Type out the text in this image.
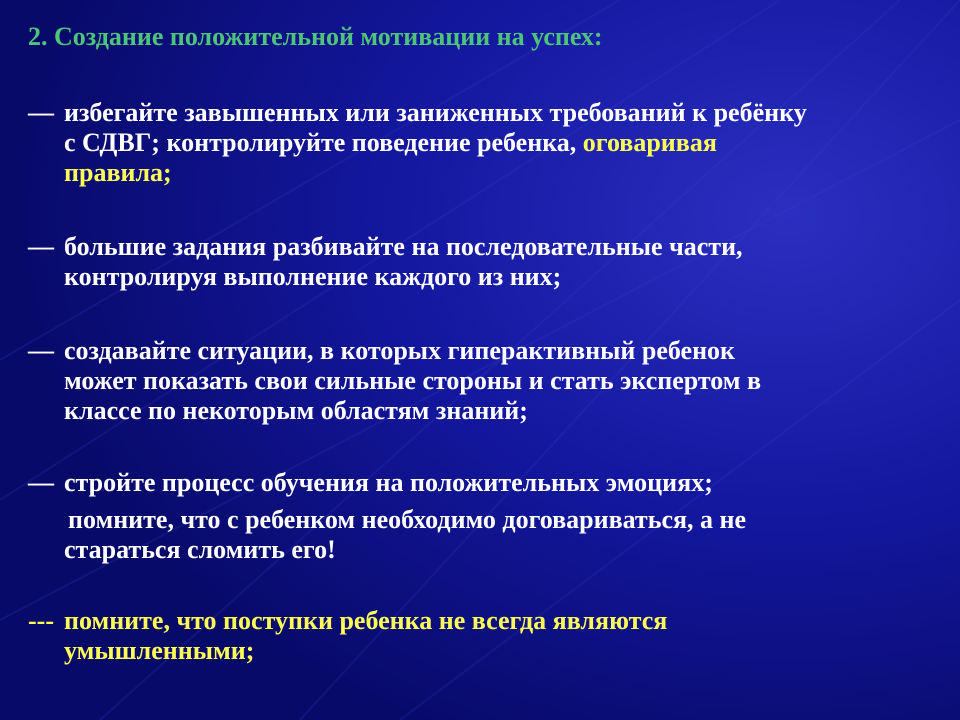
2. Создание положительной мотивации на успех:
— избегайте завышенных или заниженных требований к ребёнку
с СДВГ; контролируйте поведение ребенка, оговаривая
правила;
— большие задания разбивайте на последовательные части,
контролируя выполнение каждого из них;
— создавайте ситуации, в которых гиперактивный ребенок
может показать свои сильные стороны и стать экспертом в
классе по некоторым областям знаний;
— стройте процесс обучения на положительных эмоциях;
помните, что с ребенком необходимо договариваться, а не
стараться сломить его!
--- помните, что поступки ребенка не всегда являются
умышленными;
